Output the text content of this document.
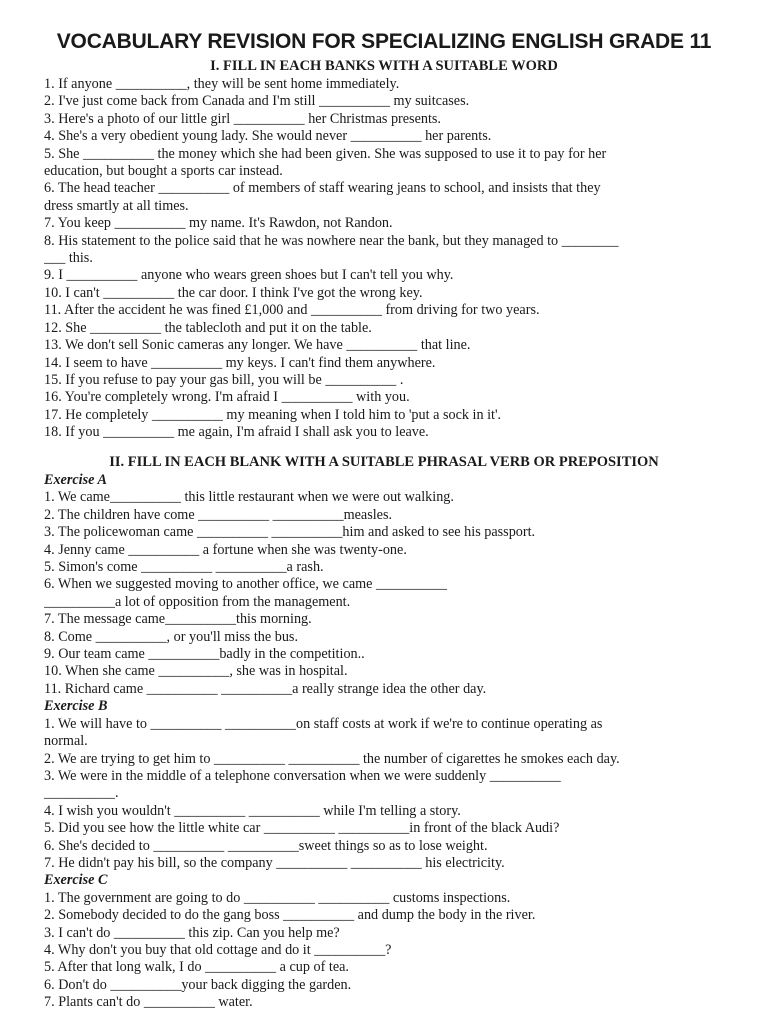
VOCABULARY REVISION FOR SPECIALIZING ENGLISH GRADE 11
I. FILL IN EACH BANKS WITH A SUITABLE WORD
1. If anyone __________, they will be sent home immediately.
2. I've just come back from Canada and I'm still __________ my suitcases.
3. Here's a photo of our little girl __________ her Christmas presents.
4. She's a very obedient young lady. She would never __________ her parents.
5. She __________ the money which she had been given. She was supposed to use it to pay for her
education, but bought a sports car instead.
6. The head teacher __________ of members of staff wearing jeans to school, and insists that they
dress smartly at all times.
7. You keep __________ my name. It's Rawdon, not Randon.
8. His statement to the police said that he was nowhere near the bank, but they managed to ________
___ this.
9. I __________ anyone who wears green shoes but I can't tell you why.
10. I can't __________ the car door. I think I've got the wrong key.
11. After the accident he was fined £1,000 and __________ from driving for two years.
12. She __________ the tablecloth and put it on the table.
13. We don't sell Sonic cameras any longer. We have __________ that line.
14. I seem to have __________ my keys. I can't find them anywhere.
15. If you refuse to pay your gas bill, you will be __________ .
16. You're completely wrong. I'm afraid I __________ with you.
17. He completely __________ my meaning when I told him to 'put a sock in it'.
18. If you __________ me again, I'm afraid I shall ask you to leave.
II. FILL IN EACH BLANK WITH A SUITABLE PHRASAL VERB OR PREPOSITION
Exercise A
1. We came__________ this little restaurant when we were out walking.
2. The children have come __________ __________measles.
3. The policewoman came __________ __________him and asked to see his passport.
4. Jenny came __________ a fortune when she was twenty-one.
5. Simon's come __________ __________a rash.
6. When we suggested moving to another office, we came __________
__________a lot of opposition from the management.
7. The message came__________this morning.
8. Come __________, or you'll miss the bus.
9. Our team came __________badly in the competition..
10. When she came __________, she was in hospital.
11. Richard came __________ __________a really strange idea the other day.
Exercise B
1. We will have to __________ __________on staff costs at work if we're to continue operating as
normal.
2. We are trying to get him to __________ __________ the number of cigarettes he smokes each day.
3. We were in the middle of a telephone conversation when we were suddenly __________
__________.
4. I wish you wouldn't __________ __________ while I'm telling a story.
5. Did you see how the little white car __________ __________in front of the black Audi?
6. She's decided to __________ __________sweet things so as to lose weight.
7. He didn't pay his bill, so the company __________ __________ his electricity.
Exercise C
1. The government are going to do __________ __________ customs inspections.
2. Somebody decided to do the gang boss __________ and dump the body in the river.
3. I can't do __________ this zip. Can you help me?
4. Why don't you buy that old cottage and do it __________?
5. After that long walk, I do __________ a cup of tea.
6. Don't do __________your back digging the garden.
7. Plants can't do __________ water.
